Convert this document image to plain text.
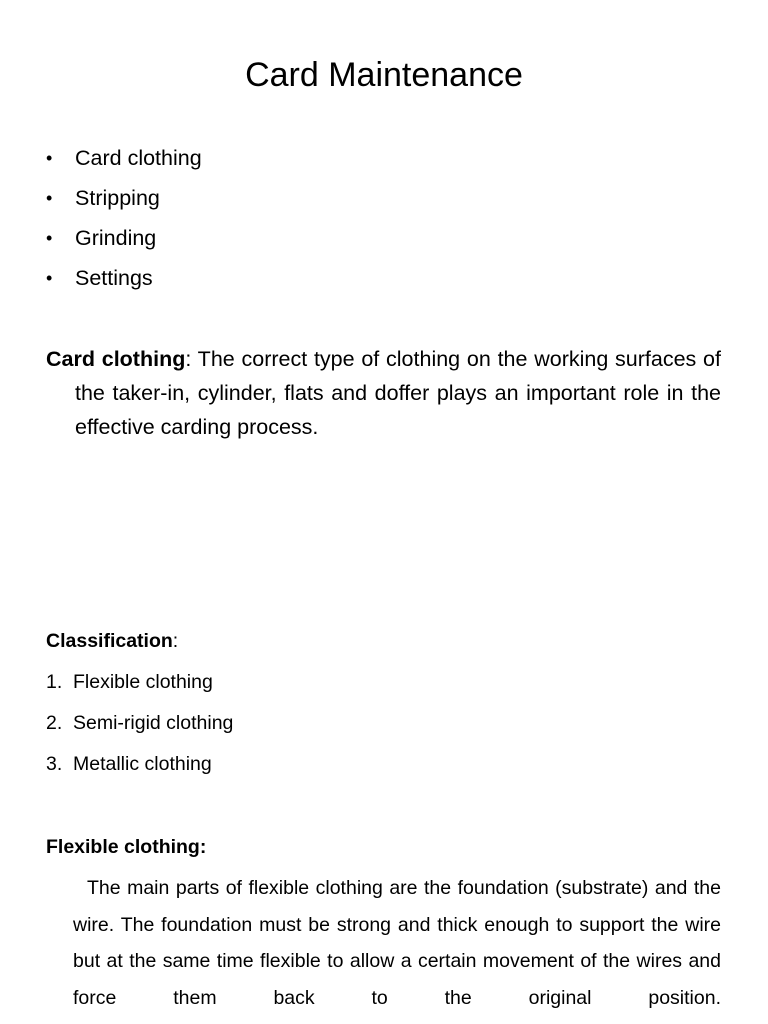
Card Maintenance
• Card clothing
• Stripping
• Grinding
• Settings

Card clothing: The correct type of clothing on the working surfaces of the taker-in, cylinder, flats and doffer plays an important role in the effective carding process.

Classification:
1. Flexible clothing
2. Semi-rigid clothing
3. Metallic clothing
Flexible clothing:

The main parts of flexible clothing are the foundation (substrate) and the wire. The foundation must be strong and thick enough to support the wire but at the same time flexible to allow a certain movement of the wires and force them back to the original position.
